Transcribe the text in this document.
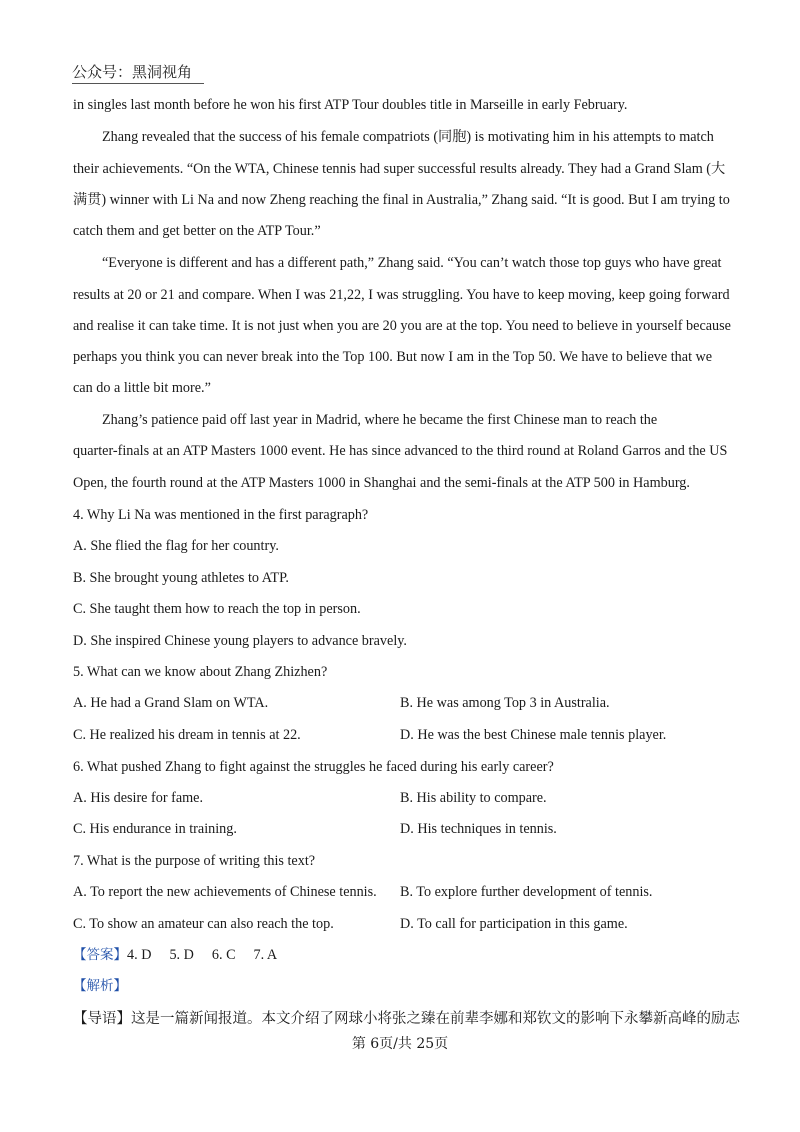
公众号：黑洞视角
in singles last month before he won his first ATP Tour doubles title in Marseille in early February.
Zhang revealed that the success of his female compatriots (同胞) is motivating him in his attempts to match
their achievements. “On the WTA, Chinese tennis had super successful results already. They had a Grand Slam (大
满贯) winner with Li Na and now Zheng reaching the final in Australia,” Zhang said. “It is good. But I am trying to
catch them and get better on the ATP Tour.”
“Everyone is different and has a different path,” Zhang said. “You can’t watch those top guys who have great
results at 20 or 21 and compare. When I was 21,22, I was struggling. You have to keep moving, keep going forward
and realise it can take time. It is not just when you are 20 you are at the top. You need to believe in yourself because
perhaps you think you can never break into the Top 100. But now I am in the Top 50. We have to believe that we
can do a little bit more.”
Zhang’s patience paid off last year in Madrid, where he became the first Chinese man to reach the
quarter-finals at an ATP Masters 1000 event. He has since advanced to the third round at Roland Garros and the US
Open, the fourth round at the ATP Masters 1000 in Shanghai and the semi-finals at the ATP 500 in Hamburg.
4. Why Li Na was mentioned in the first paragraph?
A. She flied the flag for her country.
B. She brought young athletes to ATP.
C. She taught them how to reach the top in person.
D. She inspired Chinese young players to advance bravely.
5. What can we know about Zhang Zhizhen?
A. He had a Grand Slam on WTA.	B. He was among Top 3 in Australia.
C. He realized his dream in tennis at 22.	D. He was the best Chinese male tennis player.
6. What pushed Zhang to fight against the struggles he faced during his early career?
A. His desire for fame.	B. His ability to compare.
C. His endurance in training.	D. His techniques in tennis.
7. What is the purpose of writing this text?
A. To report the new achievements of Chinese tennis. B. To explore further development of tennis.
C. To show an amateur can also reach the top.	D. To call for participation in this game.
【答案】4. D 5. D 6. C 7. A
【解析】
【导语】这是一篇新闻报道。本文介绍了网球小将张之臻在前辈李娜和郑钦文的影响下永攀新高峰的励志
第 6页/共 25页
